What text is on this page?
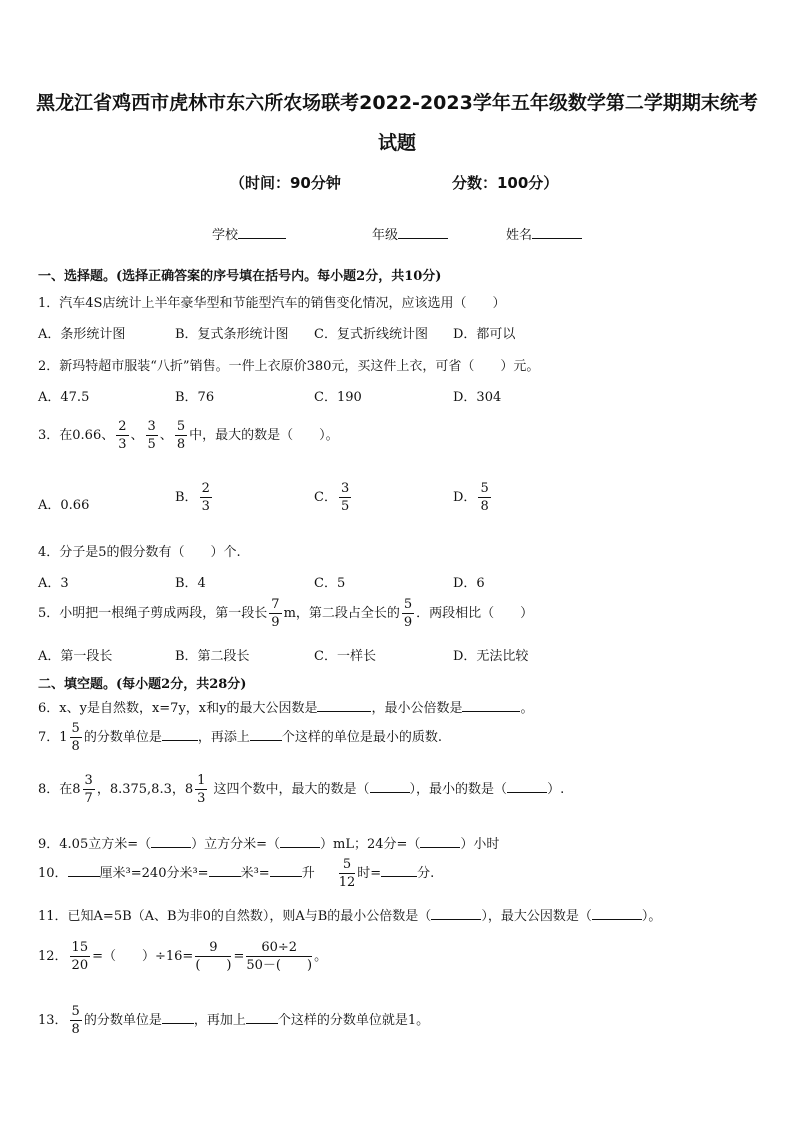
黑龙江省鸡西市虎林市东六所农场联考2022-2023学年五年级数学第二学期期末统考
试题
（时间：90分钟	分数：100分）
学校	年级	姓名
一、选择题。(选择正确答案的序号填在括号内。每小题2分，共10分)
1．汽车4S店统计上半年豪华型和节能型汽车的销售变化情况，应该选用（　　）
A．条形统计图	B．复式条形统计图 C．复式折线统计图 D．都可以
2．新玛特超市服装“八折”销售。一件上衣原价380元，买这件上衣，可省（　　）元。
A．47.5	B．76	C．190	D．304
3．在0.66、 $\frac{2}{3}$ 、 $\frac{3}{5}$ 、 $\frac{5}{8}$ 中，最大的数是（　　）。
A．0.66
B． $\frac{2}{3}$	C． $\frac{3}{5}$	D． $\frac{5}{8}$
4．分子是5的假分数有（　　）个.
A．3	B．4	C．5	D．6
5．小明把一根绳子剪成两段，第一段长 $\frac{7}{9}$ m，第二段占全长的 $\frac{5}{9}$ ．两段相比（　　）
A．第一段长	B．第二段长	C．一样长	D．无法比较
二、填空题。(每小题2分，共28分)
6．x、y是自然数，x=7y，x和y的最大公因数是	，最小公倍数是	。
7．$1 \frac{5}{8}$ 的分数单位是	，再添上 个这样的单位是最小的质数.
8．在$8 \frac{3}{7}$ ，8.375,8.3，$8 \frac{1}{3}$ 这四个数中，最大的数是（	），最小的数是（	）.
9．4.05立方米=（	）立方分米=（	）mL；24分=（	）小时
10． 厘米³=240分米³= 米³= 升 $\frac{5}{12}$ 时=	分.
11．已知A=5B（A、B为非0的自然数），则A与B的最小公倍数是（	），最大公因数是（	）。
12． $\frac{15}{20}$ =（　　）$\div 16= \frac{9}{( )} = \frac{60\div 2}{50-( )}$ 。
13． $\frac{5}{8}$ 的分数单位是 ，再加上 个这样的分数单位就是1。
